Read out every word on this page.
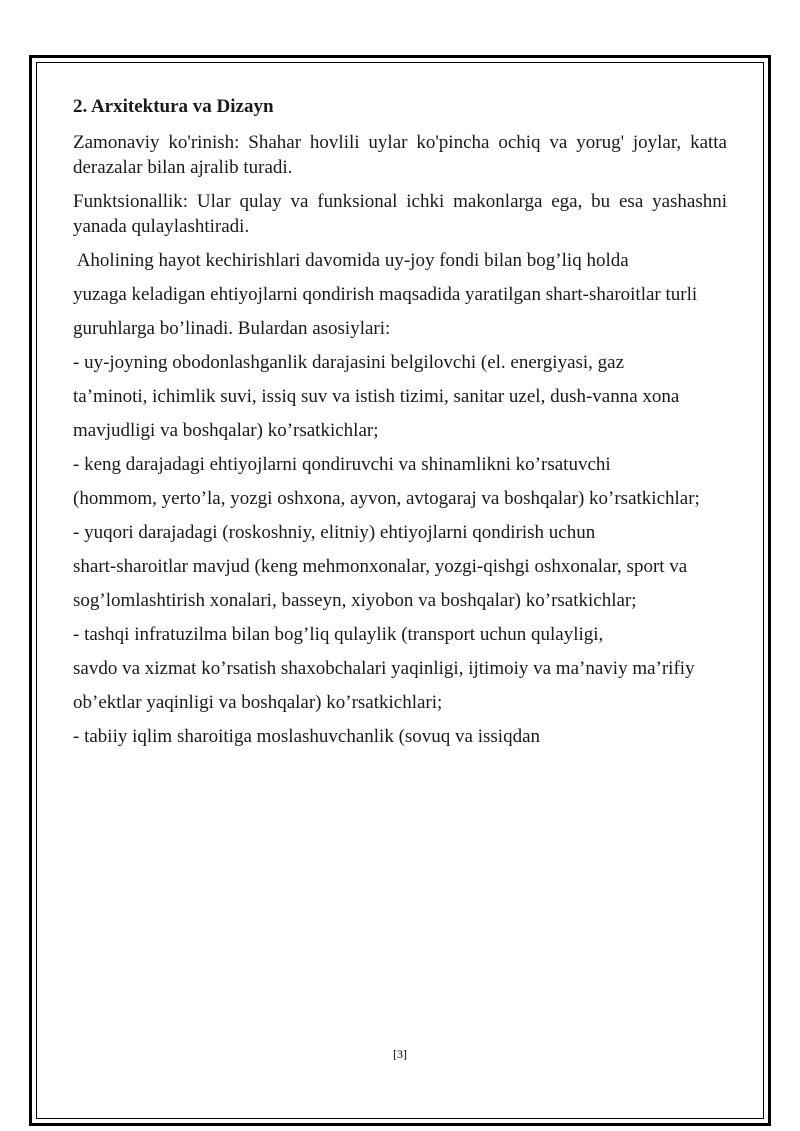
2. Arxitektura va Dizayn
Zamonaviy ko'rinish: Shahar hovlili uylar ko'pincha ochiq va yorug' joylar, katta derazalar bilan ajralib turadi.
Funktsionallik: Ular qulay va funksional ichki makonlarga ega, bu esa yashashni yanada qulaylashtiradi.
Aholining hayot kechirishlari davomida uy-joy fondi bilan bog’liq holda
yuzaga keladigan ehtiyojlarni qondirish maqsadida yaratilgan shart-sharoitlar turli
guruhlarga bo’linadi. Bulardan asosiylari:
- uy-joyning obodonlashganlik darajasini belgilovchi (el. energiyasi, gaz
ta’minoti, ichimlik suvi, issiq suv va istish tizimi, sanitar uzel, dush-vanna xona
mavjudligi va boshqalar) ko’rsatkichlar;
- keng darajadagi ehtiyojlarni qondiruvchi va shinamlikni ko’rsatuvchi
(hommom, yerto’la, yozgi oshxona, ayvon, avtogaraj va boshqalar) ko’rsatkichlar;
- yuqori darajadagi (roskoshniy, elitniy) ehtiyojlarni qondirish uchun
shart-sharoitlar mavjud (keng mehmonxonalar, yozgi-qishgi oshxonalar, sport va
sog’lomlashtirish xonalari, basseyn, xiyobon va boshqalar) ko’rsatkichlar;
- tashqi infratuzilma bilan bog’liq qulaylik (transport uchun qulayligi,
savdo va xizmat ko’rsatish shaxobchalari yaqinligi, ijtimoiy va ma’naviy ma’rifiy
ob’ektlar yaqinligi va boshqalar) ko’rsatkichlari;
- tabiiy iqlim sharoitiga moslashuvchanlik (sovuq va issiqdan
[3]
